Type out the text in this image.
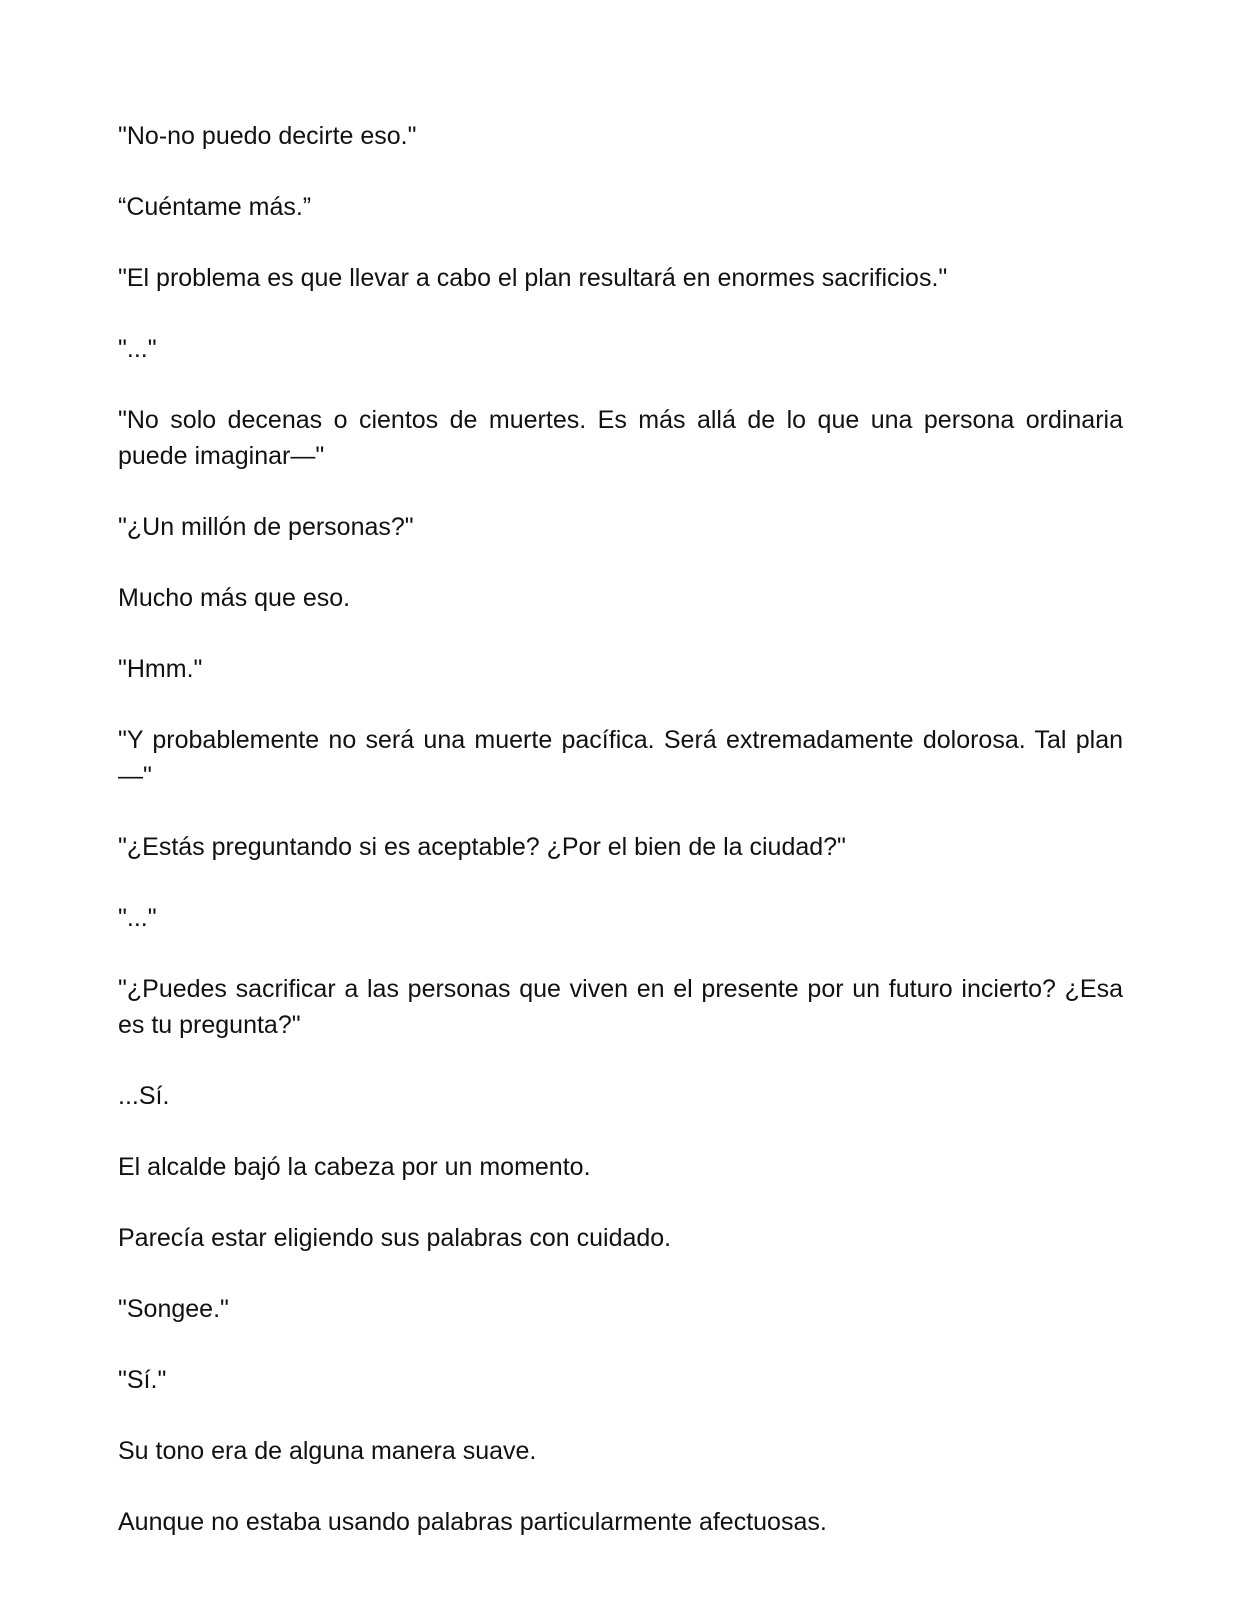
"No-no puedo decirte eso."

“Cuéntame más.”

"El problema es que llevar a cabo el plan resultará en enormes sacrificios."

"..."

"No solo decenas o cientos de muertes. Es más allá de lo que una persona ordinaria puede imaginar—"

"¿Un millón de personas?"

Mucho más que eso.

"Hmm."

"Y probablemente no será una muerte pacífica. Será extremadamente dolorosa. Tal plan—"

"¿Estás preguntando si es aceptable? ¿Por el bien de la ciudad?"

"..."

"¿Puedes sacrificar a las personas que viven en el presente por un futuro incierto? ¿Esa es tu pregunta?"

...Sí.

El alcalde bajó la cabeza por un momento.

Parecía estar eligiendo sus palabras con cuidado.

"Songee."

"Sí."

Su tono era de alguna manera suave.

Aunque no estaba usando palabras particularmente afectuosas.
